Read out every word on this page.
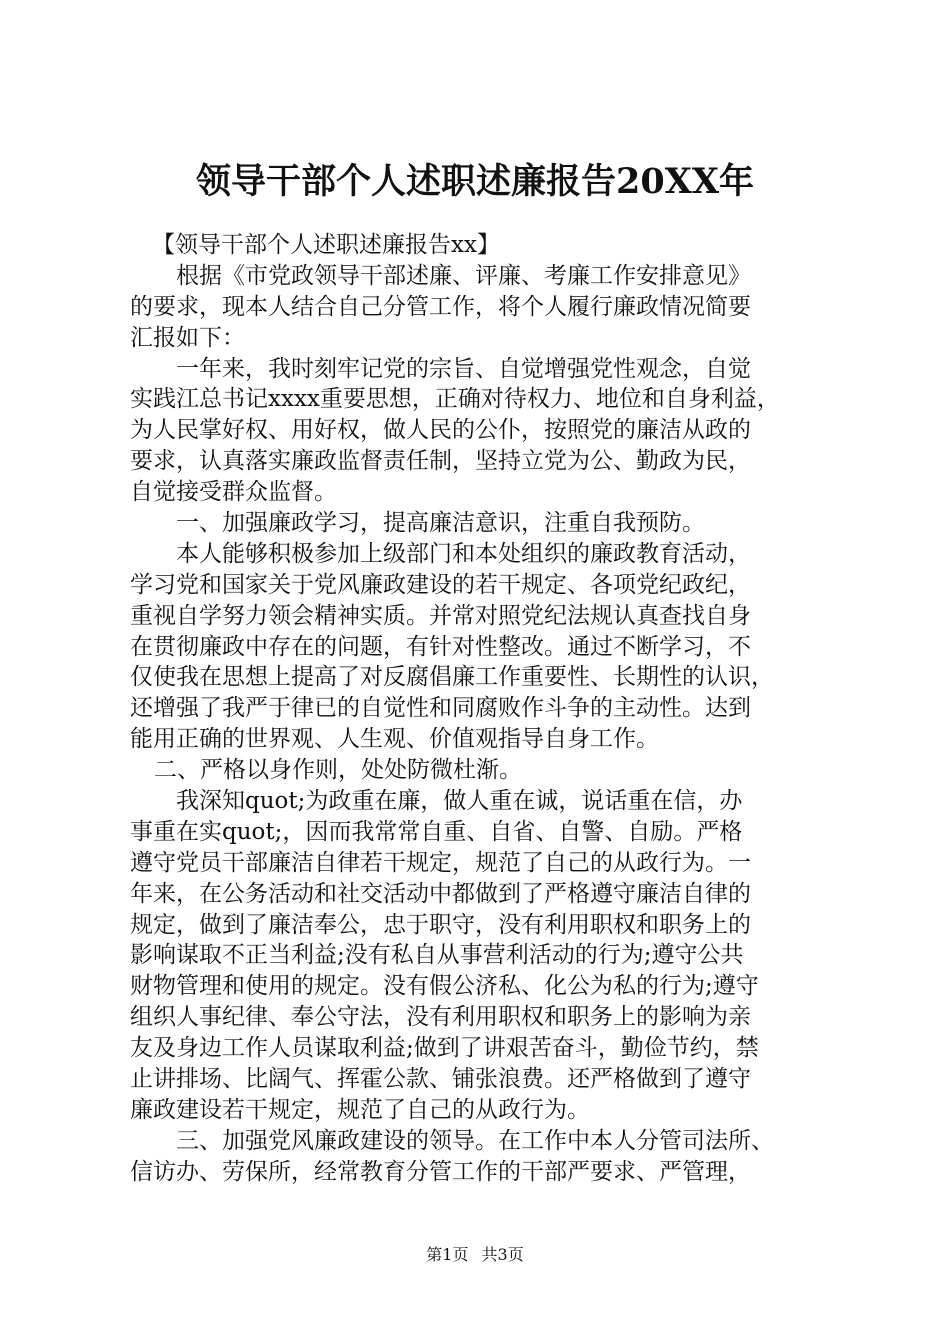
领导干部个人述职述廉报告20XX年
【领导干部个人述职述廉报告xx】
根据《市党政领导干部述廉、评廉、考廉工作安排意见》
的要求，现本人结合自己分管工作，将个人履行廉政情况简要
汇报如下：
一年来，我时刻牢记党的宗旨、自觉增强党性观念，自觉
实践江总书记xxxx重要思想，正确对待权力、地位和自身利益，
为人民掌好权、用好权，做人民的公仆，按照党的廉洁从政的
要求，认真落实廉政监督责任制，坚持立党为公、勤政为民，
自觉接受群众监督。
一、加强廉政学习，提高廉洁意识，注重自我预防。
本人能够积极参加上级部门和本处组织的廉政教育活动，
学习党和国家关于党风廉政建设的若干规定、各项党纪政纪，
重视自学努力领会精神实质。并常对照党纪法规认真查找自身
在贯彻廉政中存在的问题，有针对性整改。通过不断学习，不
仅使我在思想上提高了对反腐倡廉工作重要性、长期性的认识，
还增强了我严于律已的自觉性和同腐败作斗争的主动性。达到
能用正确的世界观、人生观、价值观指导自身工作。
二、严格以身作则，处处防微杜渐。
我深知quot;为政重在廉，做人重在诚，说话重在信，办
事重在实quot;，因而我常常自重、自省、自警、自励。严格
遵守党员干部廉洁自律若干规定，规范了自己的从政行为。一
年来，在公务活动和社交活动中都做到了严格遵守廉洁自律的
规定，做到了廉洁奉公，忠于职守，没有利用职权和职务上的
影响谋取不正当利益;没有私自从事营利活动的行为;遵守公共
财物管理和使用的规定。没有假公济私、化公为私的行为;遵守
组织人事纪律、奉公守法，没有利用职权和职务上的影响为亲
友及身边工作人员谋取利益;做到了讲艰苦奋斗，勤俭节约，禁
止讲排场、比阔气、挥霍公款、铺张浪费。还严格做到了遵守
廉政建设若干规定，规范了自己的从政行为。
三、加强党风廉政建设的领导。在工作中本人分管司法所、
信访办、劳保所，经常教育分管工作的干部严要求、严管理，
第1页 共3页
